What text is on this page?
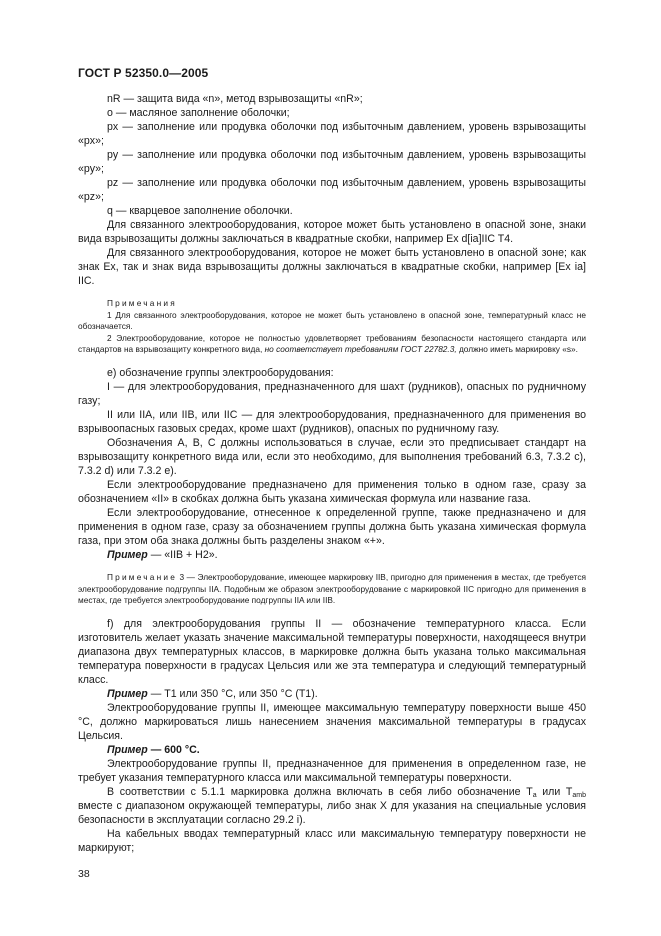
ГОСТ Р 52350.0—2005

nR — защита вида «n», метод взрывозащиты «nR»;

о — масляное заполнение оболочки;

px — заполнение или продувка оболочки под избыточным давлением, уровень взрывозащиты «px»;

py — заполнение или продувка оболочки под избыточным давлением, уровень взрывозащиты «py»;

pz — заполнение или продувка оболочки под избыточным давлением, уровень взрывозащиты «pz»;

q — кварцевое заполнение оболочки.

Для связанного электрооборудования, которое может быть установлено в опасной зоне, знаки вида взрывозащиты должны заключаться в квадратные скобки, например Ex d[ia]IIC T4.

Для связанного электрооборудования, которое не может быть установлено в опасной зоне; как знак Ex, так и знак вида взрывозащиты должны заключаться в квадратные скобки, например [Ex ia] IIC.

Примечания

1 Для связанного электрооборудования, которое не может быть установлено в опасной зоне, температурный класс не обозначается.

2 Электрооборудование, которое не полностью удовлетворяет требованиям безопасности настоящего стандарта или стандартов на взрывозащиту конкретного вида, но соответствует требованиям ГОСТ 22782.3, должно иметь маркировку «s».

е) обозначение группы электрооборудования:

I — для электрооборудования, предназначенного для шахт (рудников), опасных по рудничному газу;

II или IIA, или IIB, или IIC — для электрооборудования, предназначенного для применения во взрывоопасных газовых средах, кроме шахт (рудников), опасных по рудничному газу.

Обозначения А, В, С должны использоваться в случае, если это предписывает стандарт на взрывозащиту конкретного вида или, если это необходимо, для выполнения требований 6.3, 7.3.2 c), 7.3.2 d) или 7.3.2 e).

Если электрооборудование предназначено для применения только в одном газе, сразу за обозначением «II» в скобках должна быть указана химическая формула или название газа.

Если электрооборудование, отнесенное к определенной группе, также предназначено и для применения в одном газе, сразу за обозначением группы должна быть указана химическая формула газа, при этом оба знака должны быть разделены знаком «+».

Пример — «IIB + H2».

Примечание 3 — Электрооборудование, имеющее маркировку IIB, пригодно для применения в местах, где требуется электрооборудование подгруппы IIA. Подобным же образом электрооборудование с маркировкой IIC пригодно для применения в местах, где требуется электрооборудование подгруппы IIA или IIB.

f) для электрооборудования группы II — обозначение температурного класса. Если изготовитель желает указать значение максимальной температуры поверхности, находящееся внутри диапазона двух температурных классов, в маркировке должна быть указана только максимальная температура поверхности в градусах Цельсия или же эта температура и следующий температурный класс.

Пример — T1 или 350 °С, или 350 °С (T1).

Электрооборудование группы II, имеющее максимальную температуру поверхности выше 450 °С, должно маркироваться лишь нанесением значения максимальной температуры в градусах Цельсия.

Пример — 600 °С.

Электрооборудование группы II, предназначенное для применения в определенном газе, не требует указания температурного класса или максимальной температуры поверхности.

В соответствии с 5.1.1 маркировка должна включать в себя либо обозначение $T_a$ или $T_{amb}$ вместе с диапазоном окружающей температуры, либо знак X для указания на специальные условия безопасности в эксплуатации согласно 29.2 i).

На кабельных вводах температурный класс или максимальную температуру поверхности не маркируют;

38
